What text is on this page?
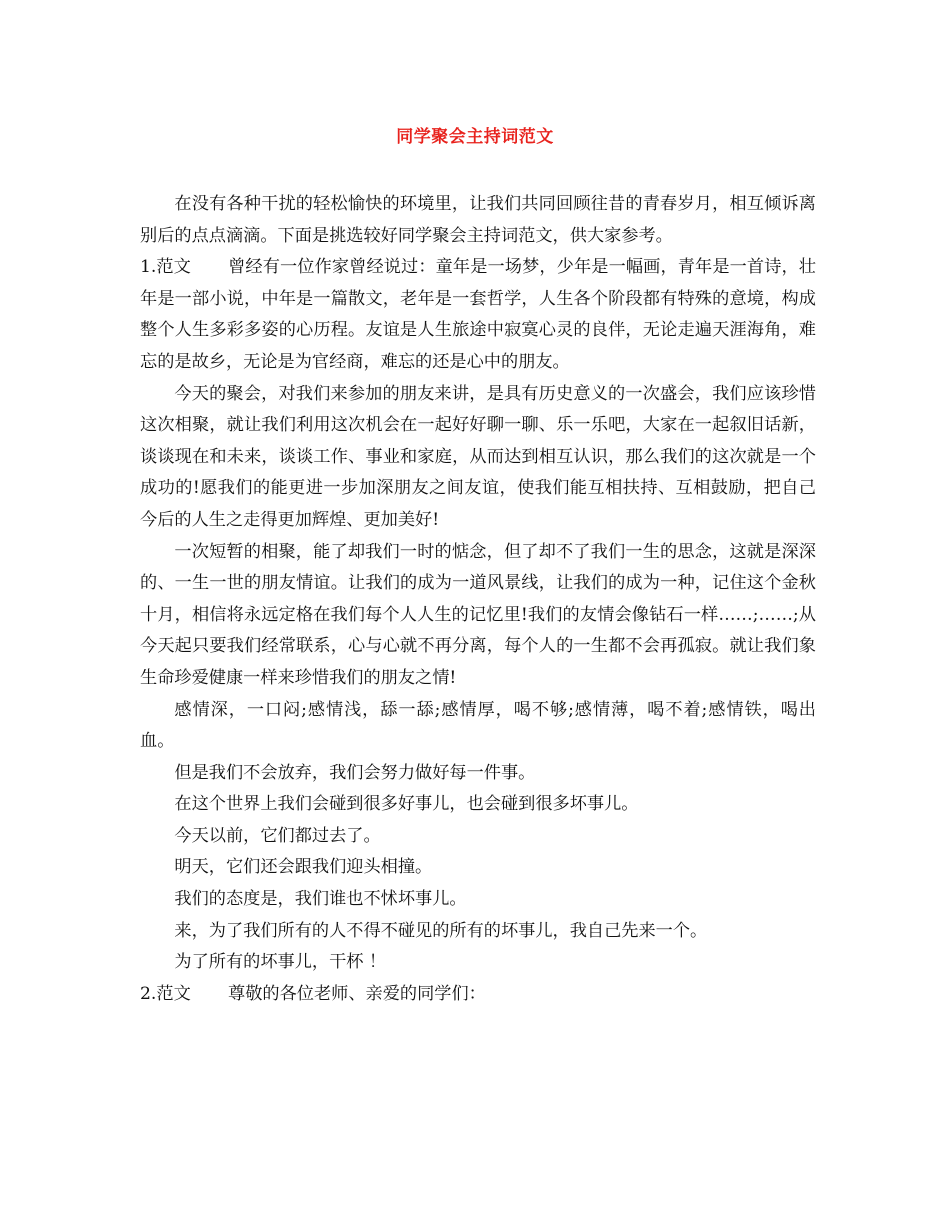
同学聚会主持词范文

在没有各种干扰的轻松愉快的环境里，让我们共同回顾往昔的青春岁月，相互倾诉离别后的点点滴滴。下面是挑选较好同学聚会主持词范文，供大家参考。

1.范文 曾经有一位作家曾经说过：童年是一场梦，少年是一幅画，青年是一首诗，壮年是一部小说，中年是一篇散文，老年是一套哲学，人生各个阶段都有特殊的意境，构成整个人生多彩多姿的心历程。友谊是人生旅途中寂寞心灵的良伴，无论走遍天涯海角，难忘的是故乡，无论是为官经商，难忘的还是心中的朋友。

今天的聚会，对我们来参加的朋友来讲，是具有历史意义的一次盛会，我们应该珍惜这次相聚，就让我们利用这次机会在一起好好聊一聊、乐一乐吧，大家在一起叙旧话新，谈谈现在和未来，谈谈工作、事业和家庭，从而达到相互认识，那么我们的这次就是一个成功的!愿我们的能更进一步加深朋友之间友谊，使我们能互相扶持、互相鼓励，把自己今后的人生之走得更加辉煌、更加美好!

一次短暂的相聚，能了却我们一时的惦念，但了却不了我们一生的思念，这就是深深的、一生一世的朋友情谊。让我们的成为一道风景线，让我们的成为一种，记住这个金秋十月，相信将永远定格在我们每个人人生的记忆里!我们的友情会像钻石一样……;……;从今天起只要我们经常联系，心与心就不再分离，每个人的一生都不会再孤寂。就让我们象生命珍爱健康一样来珍惜我们的朋友之情!

感情深，一口闷;感情浅，舔一舔;感情厚，喝不够;感情薄，喝不着;感情铁，喝出血。

但是我们不会放弃，我们会努力做好每一件事。

在这个世界上我们会碰到很多好事儿，也会碰到很多坏事儿。

今天以前，它们都过去了。

明天，它们还会跟我们迎头相撞。

我们的态度是，我们谁也不怵坏事儿。

来，为了我们所有的人不得不碰见的所有的坏事儿，我自己先来一个。

为了所有的坏事儿，干杯 ！

2.范文 尊敬的各位老师、亲爱的同学们：
